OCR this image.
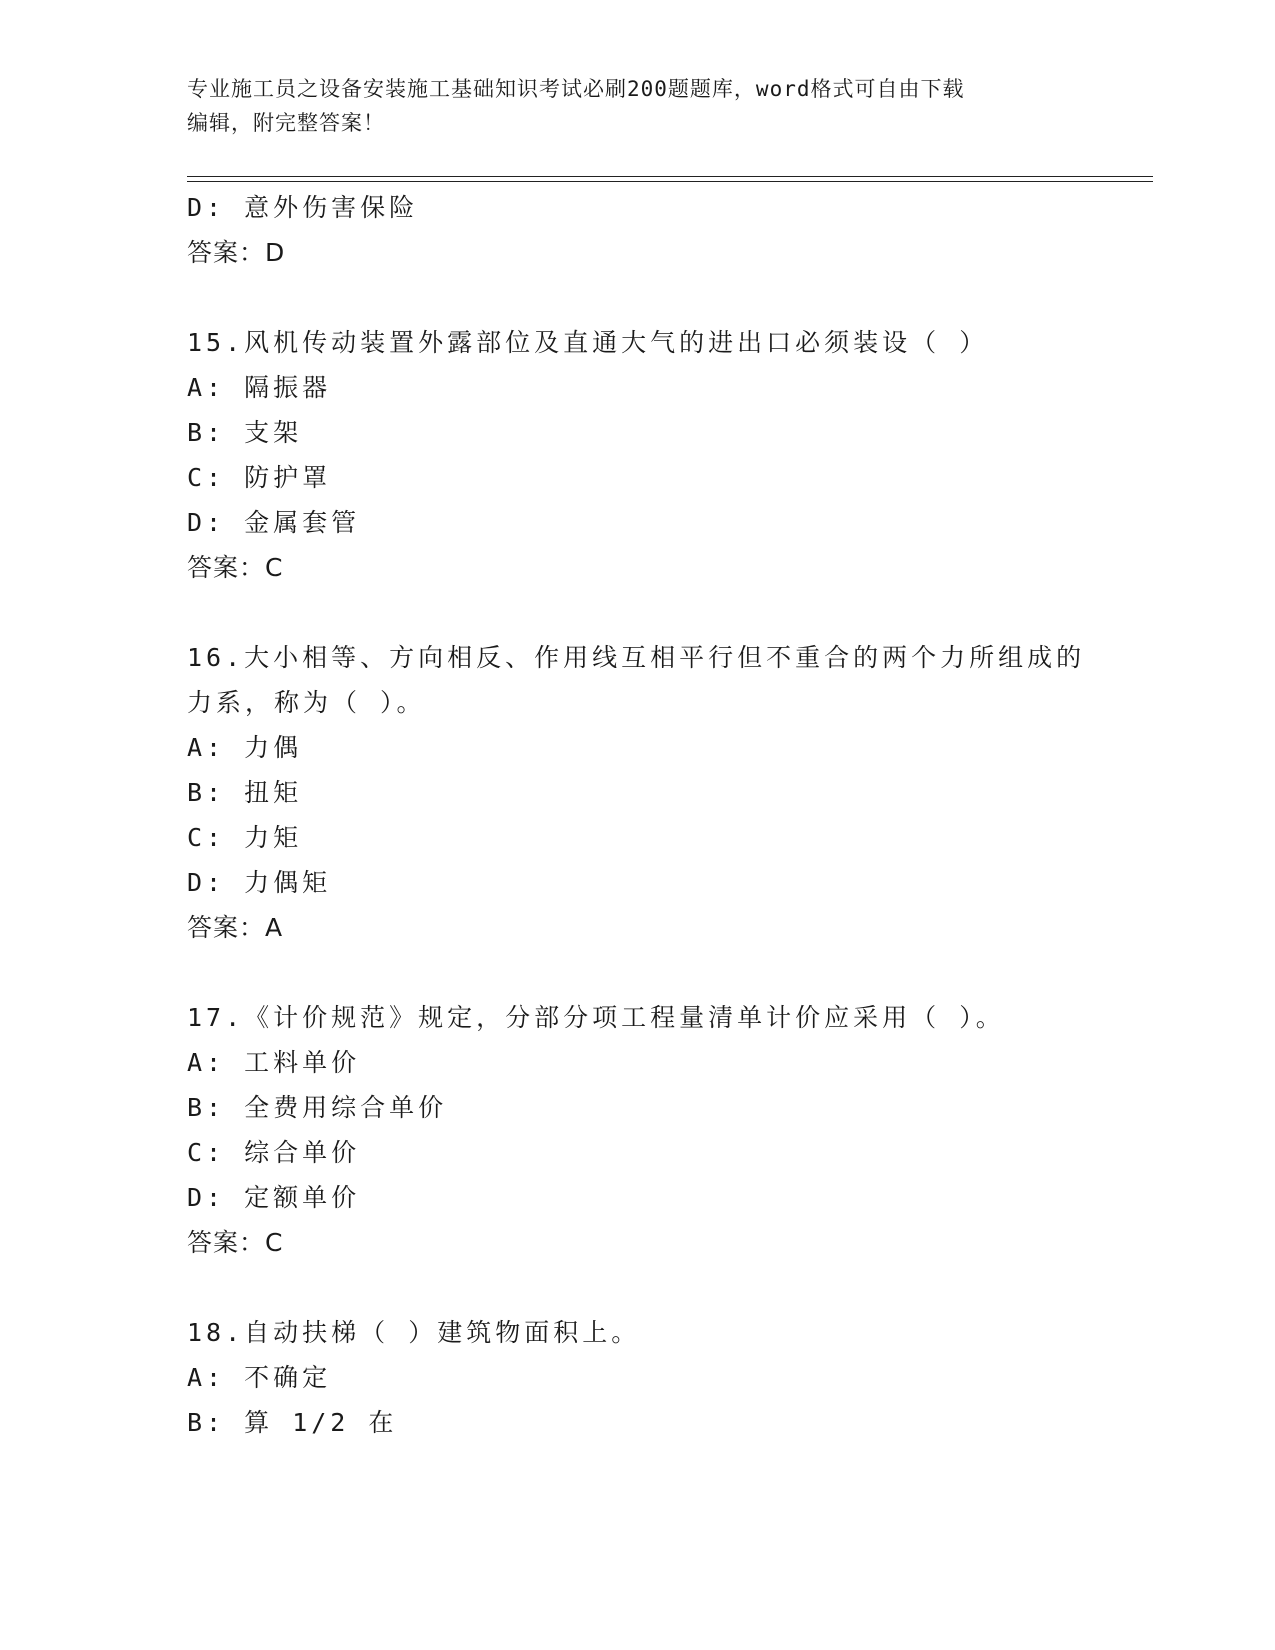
专业施工员之设备安装施工基础知识考试必刷200题题库，word格式可自由下载
编辑，附完整答案！
D: 意外伤害保险
答案：D
15.风机传动装置外露部位及直通大气的进出口必须装设（ ）
A: 隔振器
B: 支架
C: 防护罩
D: 金属套管
答案：C
16.大小相等、方向相反、作用线互相平行但不重合的两个力所组成的
力系，称为（ ）。
A: 力偶
B: 扭矩
C: 力矩
D: 力偶矩
答案：A
17.《计价规范》规定，分部分项工程量清单计价应采用（ ）。
A: 工料单价
B: 全费用综合单价
C: 综合单价
D: 定额单价
答案：C
18.自动扶梯（ ）建筑物面积上。
A: 不确定
B: 算 1/2 在
